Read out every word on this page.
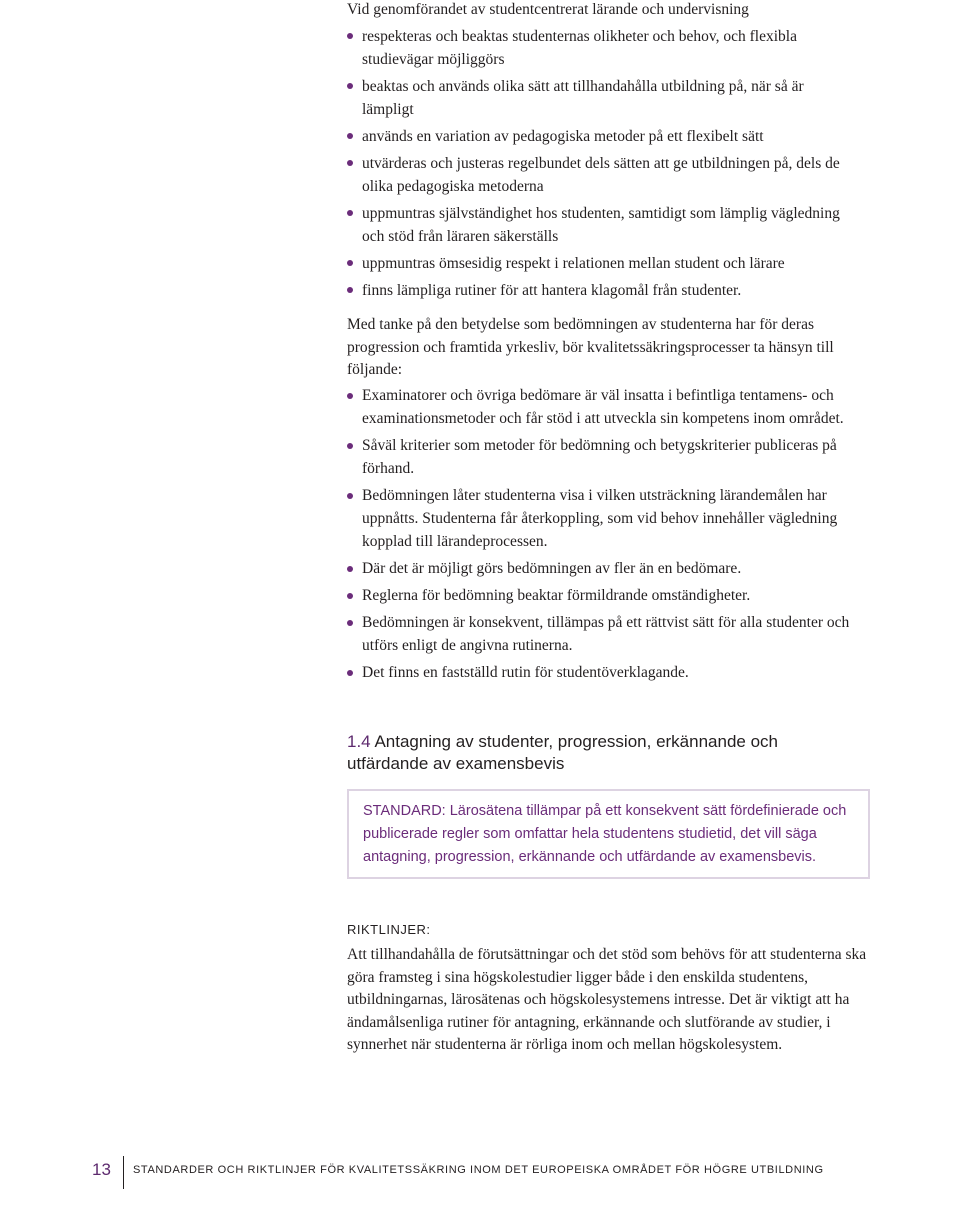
Vid genomförandet av studentcentrerat lärande och undervisning

respekteras och beaktas studenternas olikheter och behov, och flexibla studievägar möjliggörs
beaktas och används olika sätt att tillhandahålla utbildning på, när så är lämpligt
används en variation av pedagogiska metoder på ett flexibelt sätt
utvärderas och justeras regelbundet dels sätten att ge utbildningen på, dels de olika pedagogiska metoderna
uppmuntras självständighet hos studenten, samtidigt som lämplig vägledning och stöd från läraren säkerställs
uppmuntras ömsesidig respekt i relationen mellan student och lärare
finns lämpliga rutiner för att hantera klagomål från studenter.

Med tanke på den betydelse som bedömningen av studenterna har för deras progression och framtida yrkesliv, bör kvalitetssäkringsprocesser ta hänsyn till följande:

Examinatorer och övriga bedömare är väl insatta i befintliga tentamens- och examinationsmetoder och får stöd i att utveckla sin kompetens inom området.
Såväl kriterier som metoder för bedömning och betygskriterier publiceras på förhand.
Bedömningen låter studenterna visa i vilken utsträckning lärandemålen har uppnåtts. Studenterna får återkoppling, som vid behov innehåller vägledning kopplad till lärandeprocessen.
Där det är möjligt görs bedömningen av fler än en bedömare.
Reglerna för bedömning beaktar förmildrande omständigheter.
Bedömningen är konsekvent, tillämpas på ett rättvist sätt för alla studenter och utförs enligt de angivna rutinerna.
Det finns en fastställd rutin för studentöverklagande.
1.4 Antagning av studenter, progression, erkännande och utfärdande av examensbevis
STANDARD: Lärosätena tillämpar på ett konsekvent sätt fördefinierade och publicerade regler som omfattar hela studentens studietid, det vill säga antagning, progression, erkännande och utfärdande av examensbevis.

RIKTLINJER:

Att tillhandahålla de förutsättningar och det stöd som behövs för att studenterna ska göra framsteg i sina högskolestudier ligger både i den enskilda studentens, utbildningarnas, lärosätenas och högskolesystemens intresse. Det är viktigt att ha ändamålsenliga rutiner för antagning, erkännande och slutförande av studier, i synnerhet när studenterna är rörliga inom och mellan högskolesystem.

13 STANDARDER OCH RIKTLINJER FÖR KVALITETSSÄKRING INOM DET EUROPEISKA OMRÅDET FÖR HÖGRE UTBILDNING
